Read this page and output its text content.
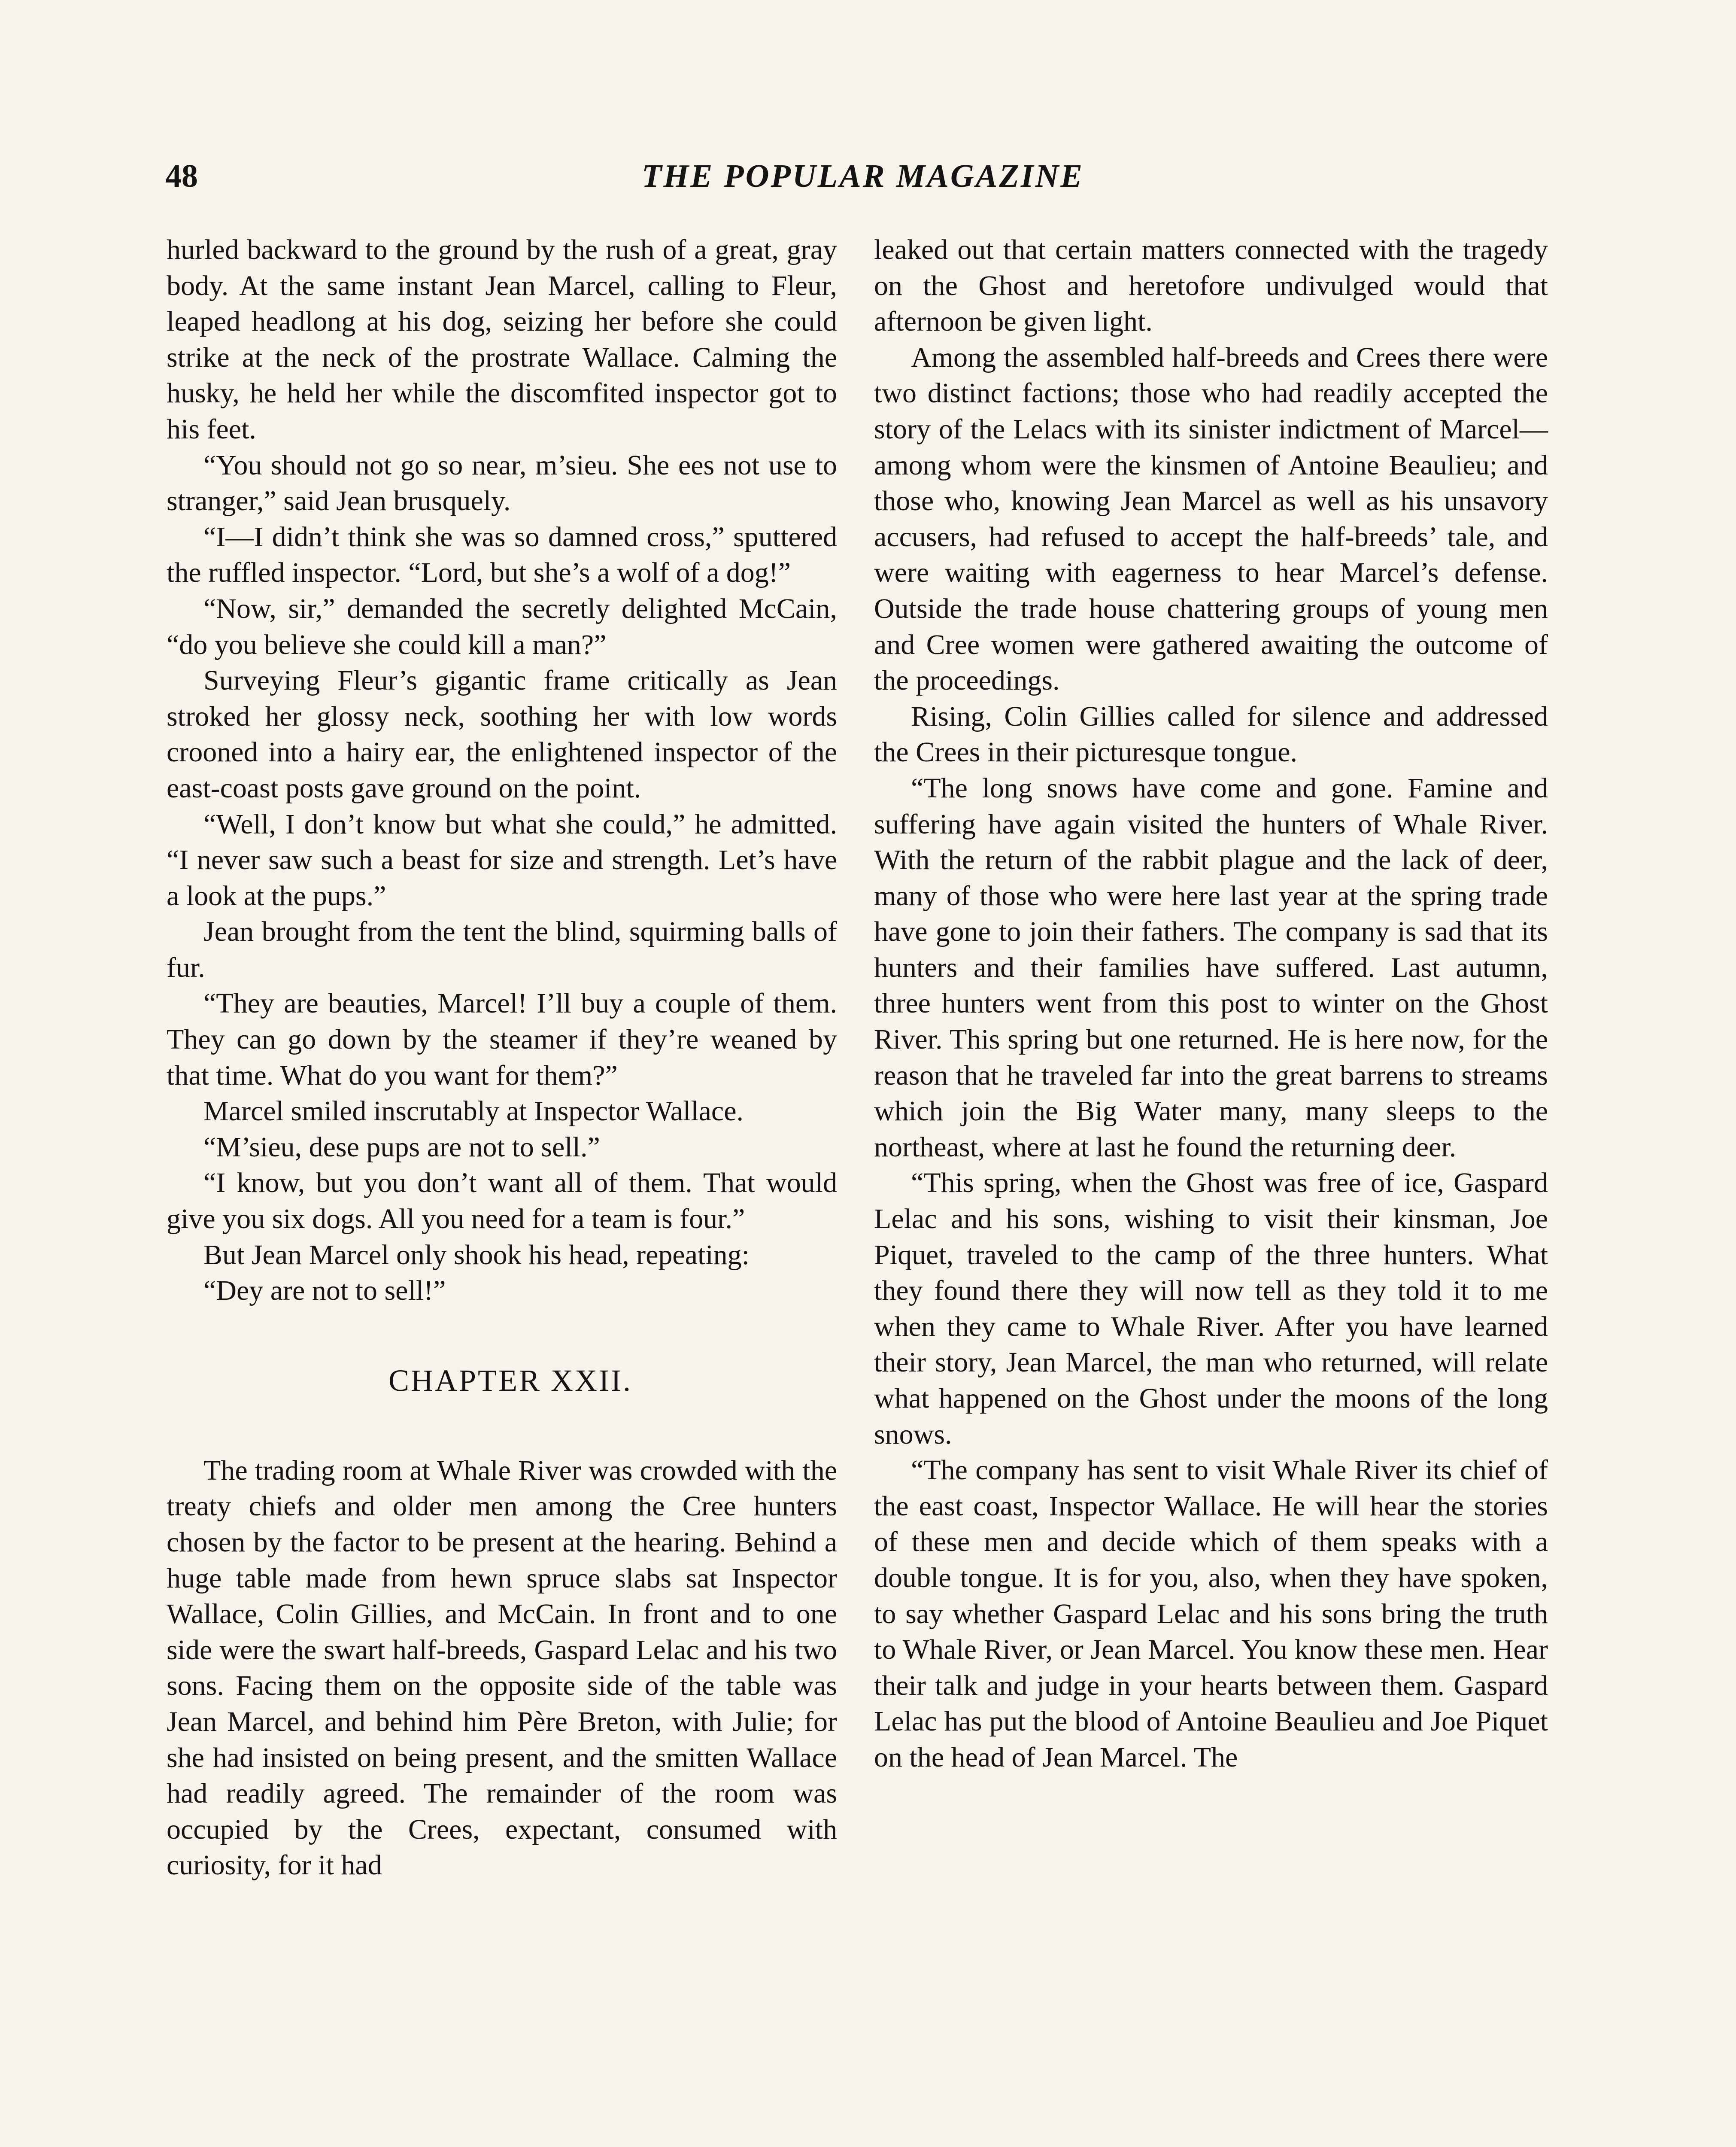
48	THE POPULAR MAGAZINE

hurled backward to the ground by the rush of a great, gray body. At the same instant Jean Marcel, calling to Fleur, leaped headlong at his dog, seizing her before she could strike at the neck of the prostrate Wallace. Calming the husky, he held her while the discomfited inspector got to his feet.

“You should not go so near, m’sieu. She ees not use to stranger,” said Jean brusquely.

“I—I didn’t think she was so damned cross,” sputtered the ruffled inspector. “Lord, but she’s a wolf of a dog!”

“Now, sir,” demanded the secretly delighted McCain, “do you believe she could kill a man?”

Surveying Fleur’s gigantic frame critically as Jean stroked her glossy neck, soothing her with low words crooned into a hairy ear, the enlightened inspector of the east-coast posts gave ground on the point.

“Well, I don’t know but what she could,” he admitted. “I never saw such a beast for size and strength. Let’s have a look at the pups.”

Jean brought from the tent the blind, squirming balls of fur.

“They are beauties, Marcel! I’ll buy a couple of them. They can go down by the steamer if they’re weaned by that time. What do you want for them?”

Marcel smiled inscrutably at Inspector Wallace.

“M’sieu, dese pups are not to sell.”

“I know, but you don’t want all of them. That would give you six dogs. All you need for a team is four.”

But Jean Marcel only shook his head, repeating:

“Dey are not to sell!”

CHAPTER XXII.

The trading room at Whale River was crowded with the treaty chiefs and older men among the Cree hunters chosen by the factor to be present at the hearing. Behind a huge table made from hewn spruce slabs sat Inspector Wallace, Colin Gillies, and McCain. In front and to one side were the swart half-breeds, Gaspard Lelac and his two sons. Facing them on the opposite side of the table was Jean Marcel, and behind him Père Breton, with Julie; for she had insisted on being present, and the smitten Wallace had readily agreed. The remainder of the room was occupied by the Crees, expectant, consumed with curiosity, for it had

leaked out that certain matters connected with the tragedy on the Ghost and heretofore undivulged would that afternoon be given light.

Among the assembled half-breeds and Crees there were two distinct factions; those who had readily accepted the story of the Lelacs with its sinister indictment of Marcel—among whom were the kinsmen of Antoine Beaulieu; and those who, knowing Jean Marcel as well as his unsavory accusers, had refused to accept the half-breeds’ tale, and were waiting with eagerness to hear Marcel’s defense. Outside the trade house chattering groups of young men and Cree women were gathered awaiting the outcome of the proceedings.

Rising, Colin Gillies called for silence and addressed the Crees in their picturesque tongue.

“The long snows have come and gone. Famine and suffering have again visited the hunters of Whale River. With the return of the rabbit plague and the lack of deer, many of those who were here last year at the spring trade have gone to join their fathers. The company is sad that its hunters and their families have suffered. Last autumn, three hunters went from this post to winter on the Ghost River. This spring but one returned. He is here now, for the reason that he traveled far into the great barrens to streams which join the Big Water many, many sleeps to the northeast, where at last he found the returning deer.

“This spring, when the Ghost was free of ice, Gaspard Lelac and his sons, wishing to visit their kinsman, Joe Piquet, traveled to the camp of the three hunters. What they found there they will now tell as they told it to me when they came to Whale River. After you have learned their story, Jean Marcel, the man who returned, will relate what happened on the Ghost under the moons of the long snows.

“The company has sent to visit Whale River its chief of the east coast, Inspector Wallace. He will hear the stories of these men and decide which of them speaks with a double tongue. It is for you, also, when they have spoken, to say whether Gaspard Lelac and his sons bring the truth to Whale River, or Jean Marcel. You know these men. Hear their talk and judge in your hearts between them. Gaspard Lelac has put the blood of Antoine Beaulieu and Joe Piquet on the head of Jean Marcel. The
